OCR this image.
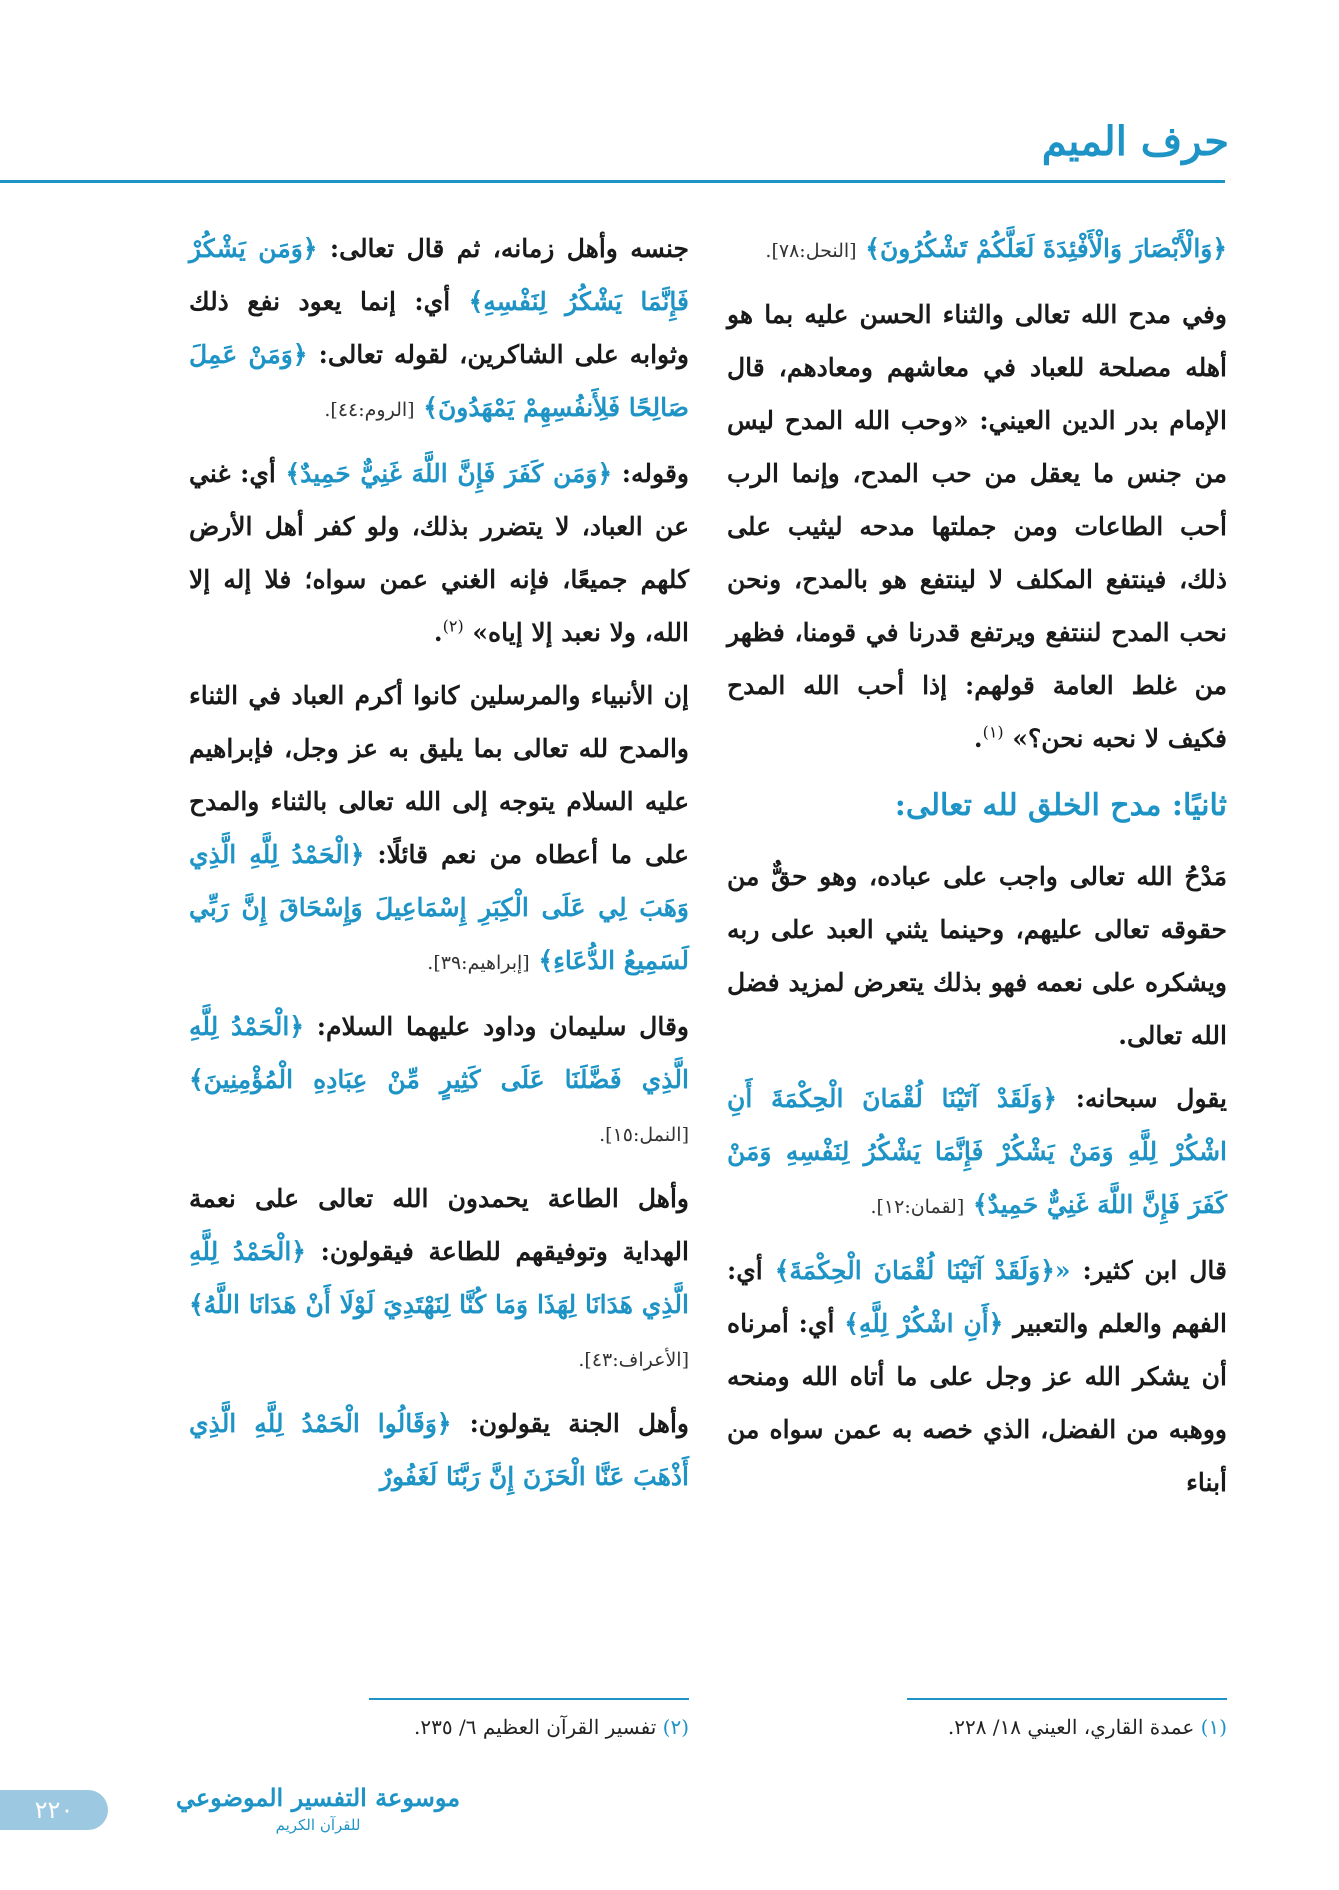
حرف الميم

﴿وَالْأَبْصَارَ وَالْأَفْئِدَةَ لَعَلَّكُمْ تَشْكُرُونَ﴾ [النحل:٧٨].

وفي مدح الله تعالى والثناء الحسن عليه بما هو أهله مصلحة للعباد في معاشهم ومعادهم، قال الإمام بدر الدين العيني: «وحب الله المدح ليس من جنس ما يعقل من حب المدح، وإنما الرب أحب الطاعات ومن جملتها مدحه ليثيب على ذلك، فينتفع المكلف لا لينتفع هو بالمدح، ونحن نحب المدح لننتفع ويرتفع قدرنا في قومنا، فظهر من غلط العامة قولهم: إذا أحب الله المدح فكيف لا نحبه نحن؟» $^{(١)}$.

ثانيًا: مدح الخلق لله تعالى:

مَدْحُ الله تعالى واجب على عباده، وهو حقٌّ من حقوقه تعالى عليهم، وحينما يثني العبد على ربه ويشكره على نعمه فهو بذلك يتعرض لمزيد فضل الله تعالى.

يقول سبحانه: ﴿وَلَقَدْ آتَيْنَا لُقْمَانَ الْحِكْمَةَ أَنِ اشْكُرْ لِلَّهِ وَمَنْ يَشْكُرْ فَإِنَّمَا يَشْكُرُ لِنَفْسِهِ وَمَنْ كَفَرَ فَإِنَّ اللَّهَ غَنِيٌّ حَمِيدٌ﴾ [لقمان:١٢].

قال ابن كثير: «﴿وَلَقَدْ آتَيْنَا لُقْمَانَ الْحِكْمَةَ﴾ أي: الفهم والعلم والتعبير ﴿أَنِ اشْكُرْ لِلَّهِ﴾ أي: أمرناه أن يشكر الله عز وجل على ما أتاه الله ومنحه ووهبه من الفضل، الذي خصه به عمن سواه من أبناء

جنسه وأهل زمانه، ثم قال تعالى: ﴿وَمَن يَشْكُرْ فَإِنَّمَا يَشْكُرُ لِنَفْسِهِ﴾ أي: إنما يعود نفع ذلك وثوابه على الشاكرين، لقوله تعالى: ﴿وَمَنْ عَمِلَ صَالِحًا فَلِأَنفُسِهِمْ يَمْهَدُونَ﴾ [الروم:٤٤].

وقوله: ﴿وَمَن كَفَرَ فَإِنَّ اللَّهَ غَنِيٌّ حَمِيدٌ﴾ أي: غني عن العباد، لا يتضرر بذلك، ولو كفر أهل الأرض كلهم جميعًا، فإنه الغني عمن سواه؛ فلا إله إلا الله، ولا نعبد إلا إياه» $^{(٢)}$.

إن الأنبياء والمرسلين كانوا أكرم العباد في الثناء والمدح لله تعالى بما يليق به عز وجل، فإبراهيم عليه السلام يتوجه إلى الله تعالى بالثناء والمدح على ما أعطاه من نعم قائلًا: ﴿الْحَمْدُ لِلَّهِ الَّذِي وَهَبَ لِي عَلَى الْكِبَرِ إِسْمَاعِيلَ وَإِسْحَاقَ إِنَّ رَبِّي لَسَمِيعُ الدُّعَاءِ﴾ [إبراهيم:٣٩].

وقال سليمان وداود عليهما السلام: ﴿الْحَمْدُ لِلَّهِ الَّذِي فَضَّلَنَا عَلَى كَثِيرٍ مِّنْ عِبَادِهِ الْمُؤْمِنِينَ﴾ [النمل:١٥].

وأهل الطاعة يحمدون الله تعالى على نعمة الهداية وتوفيقهم للطاعة فيقولون: ﴿الْحَمْدُ لِلَّهِ الَّذِي هَدَانَا لِهَذَا وَمَا كُنَّا لِنَهْتَدِيَ لَوْلَا أَنْ هَدَانَا اللَّهُ﴾ [الأعراف:٤٣].

وأهل الجنة يقولون: ﴿وَقَالُوا الْحَمْدُ لِلَّهِ الَّذِي أَذْهَبَ عَنَّا الْحَزَنَ إِنَّ رَبَّنَا لَغَفُورٌ

(١) عمدة القاري، العيني ١٨/ ٢٢٨.
(٢) تفسير القرآن العظيم ٦/ ٢٣٥.
٢٢٠	موسوعة التفسير الموضوعي
للقرآن الكريم
